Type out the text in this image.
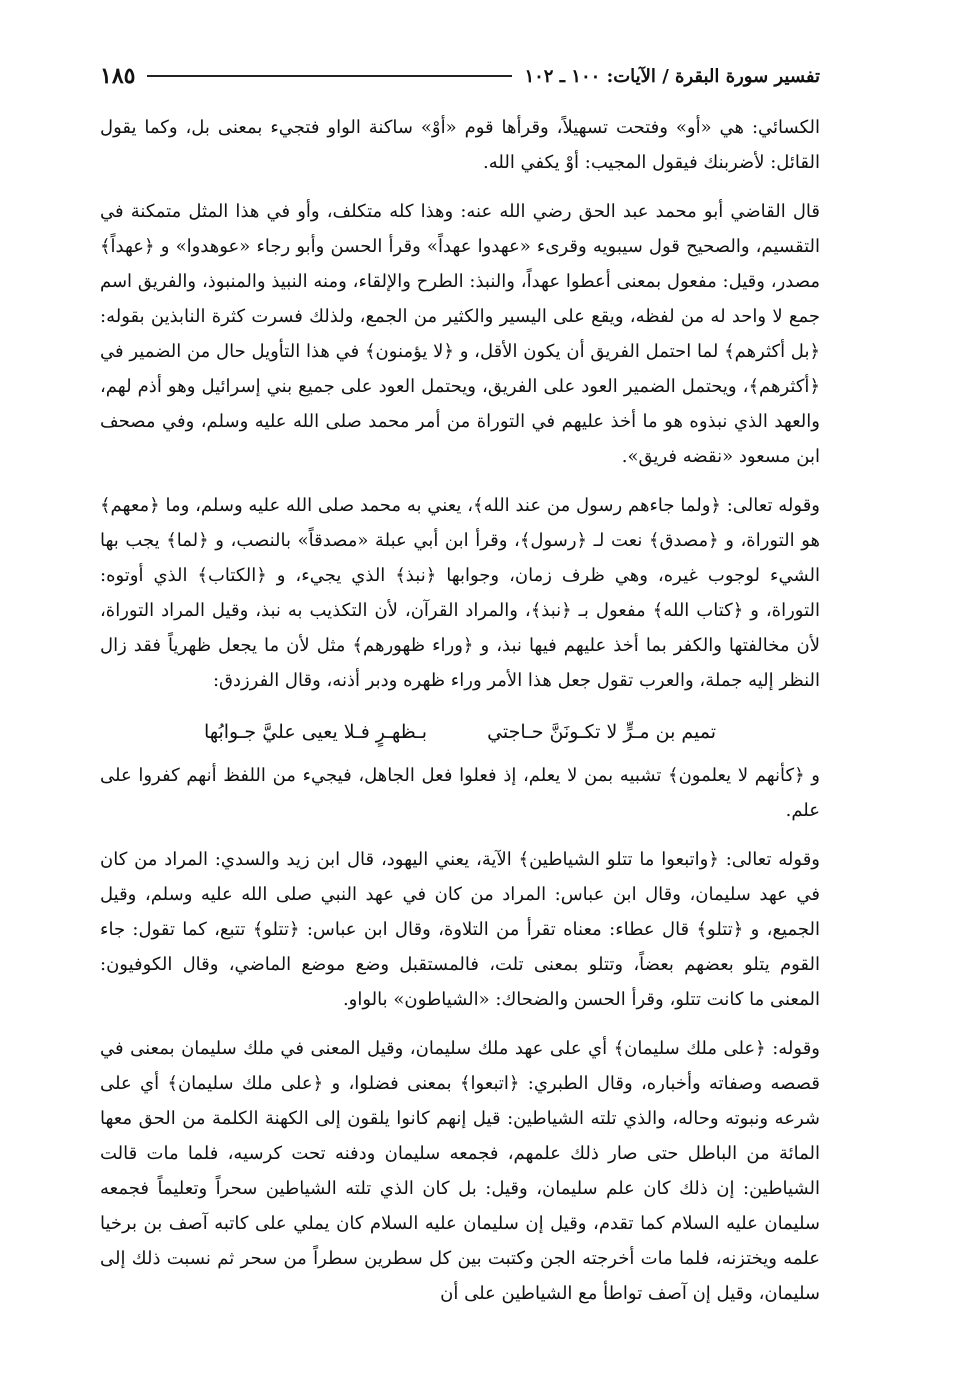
تفسير سورة البقرة / الآيات: ١٠٠ ـ ١٠٢
١٨٥

الكسائي: هي «أو» وفتحت تسهيلاً، وقرأها قوم «أوْ» ساكنة الواو فتجيء بمعنى بل، وكما يقول القائل: لأضربنك فيقول المجيب: أوْ يكفي الله.

قال القاضي أبو محمد عبد الحق رضي الله عنه: وهذا كله متكلف، وأو في هذا المثل متمكنة في التقسيم، والصحيح قول سيبويه وقرىء «عهدوا عهداً» وقرأ الحسن وأبو رجاء «عوهدوا» و ﴿عهداً﴾ مصدر، وقيل: مفعول بمعنى أعطوا عهداً، والنبذ: الطرح والإلقاء، ومنه النبيذ والمنبوذ، والفريق اسم جمع لا واحد له من لفظه، ويقع على اليسير والكثير من الجمع، ولذلك فسرت كثرة النابذين بقوله: ﴿بل أكثرهم﴾ لما احتمل الفريق أن يكون الأقل، و ﴿لا يؤمنون﴾ في هذا التأويل حال من الضمير في ﴿أكثرهم﴾، ويحتمل الضمير العود على الفريق، ويحتمل العود على جميع بني إسرائيل وهو أذم لهم، والعهد الذي نبذوه هو ما أخذ عليهم في التوراة من أمر محمد صلى الله عليه وسلم، وفي مصحف ابن مسعود «نقضه فريق».

وقوله تعالى: ﴿ولما جاءهم رسول من عند الله﴾، يعني به محمد صلى الله عليه وسلم، وما ﴿معهم﴾ هو التوراة، و ﴿مصدق﴾ نعت لـ ﴿رسول﴾، وقرأ ابن أبي عبلة «مصدقاً» بالنصب، و ﴿لما﴾ يجب بها الشيء لوجوب غيره، وهي ظرف زمان، وجوابها ﴿نبذ﴾ الذي يجيء، و ﴿الكتاب﴾ الذي أوتوه: التوراة، و ﴿كتاب الله﴾ مفعول بـ ﴿نبذ﴾، والمراد القرآن، لأن التكذيب به نبذ، وقيل المراد التوراة، لأن مخالفتها والكفر بما أخذ عليهم فيها نبذ، و ﴿وراء ظهورهم﴾ مثل لأن ما يجعل ظهرياً فقد زال النظر إليه جملة، والعرب تقول جعل هذا الأمر وراء ظهره ودبر أذنه، وقال الفرزدق:

تميم بن مـرٍّ لا تكـونَنَّ حـاجتي
بـظهـرٍ فـلا يعيى عليَّ جـوابُها

و ﴿كأنهم لا يعلمون﴾ تشبيه بمن لا يعلم، إذ فعلوا فعل الجاهل، فيجيء من اللفظ أنهم كفروا على علم.

وقوله تعالى: ﴿واتبعوا ما تتلو الشياطين﴾ الآية، يعني اليهود، قال ابن زيد والسدي: المراد من كان في عهد سليمان، وقال ابن عباس: المراد من كان في عهد النبي صلى الله عليه وسلم، وقيل الجميع، و ﴿تتلو﴾ قال عطاء: معناه تقرأ من التلاوة، وقال ابن عباس: ﴿تتلو﴾ تتبع، كما تقول: جاء القوم يتلو بعضهم بعضاً، وتتلو بمعنى تلت، فالمستقبل وضع موضع الماضي، وقال الكوفيون: المعنى ما كانت تتلو، وقرأ الحسن والضحاك: «الشياطون» بالواو.

وقوله: ﴿على ملك سليمان﴾ أي على عهد ملك سليمان، وقيل المعنى في ملك سليمان بمعنى في قصصه وصفاته وأخباره، وقال الطبري: ﴿اتبعوا﴾ بمعنى فضلوا، و ﴿على ملك سليمان﴾ أي على شرعه ونبوته وحاله، والذي تلته الشياطين: قيل إنهم كانوا يلقون إلى الكهنة الكلمة من الحق معها المائة من الباطل حتى صار ذلك علمهم، فجمعه سليمان ودفنه تحت كرسيه، فلما مات قالت الشياطين: إن ذلك كان علم سليمان، وقيل: بل كان الذي تلته الشياطين سحراً وتعليماً فجمعه سليمان عليه السلام كما تقدم، وقيل إن سليمان عليه السلام كان يملي على كاتبه آصف بن برخيا علمه ويختزنه، فلما مات أخرجته الجن وكتبت بين كل سطرين سطراً من سحر ثم نسبت ذلك إلى سليمان، وقيل إن آصف تواطأ مع الشياطين على أن
